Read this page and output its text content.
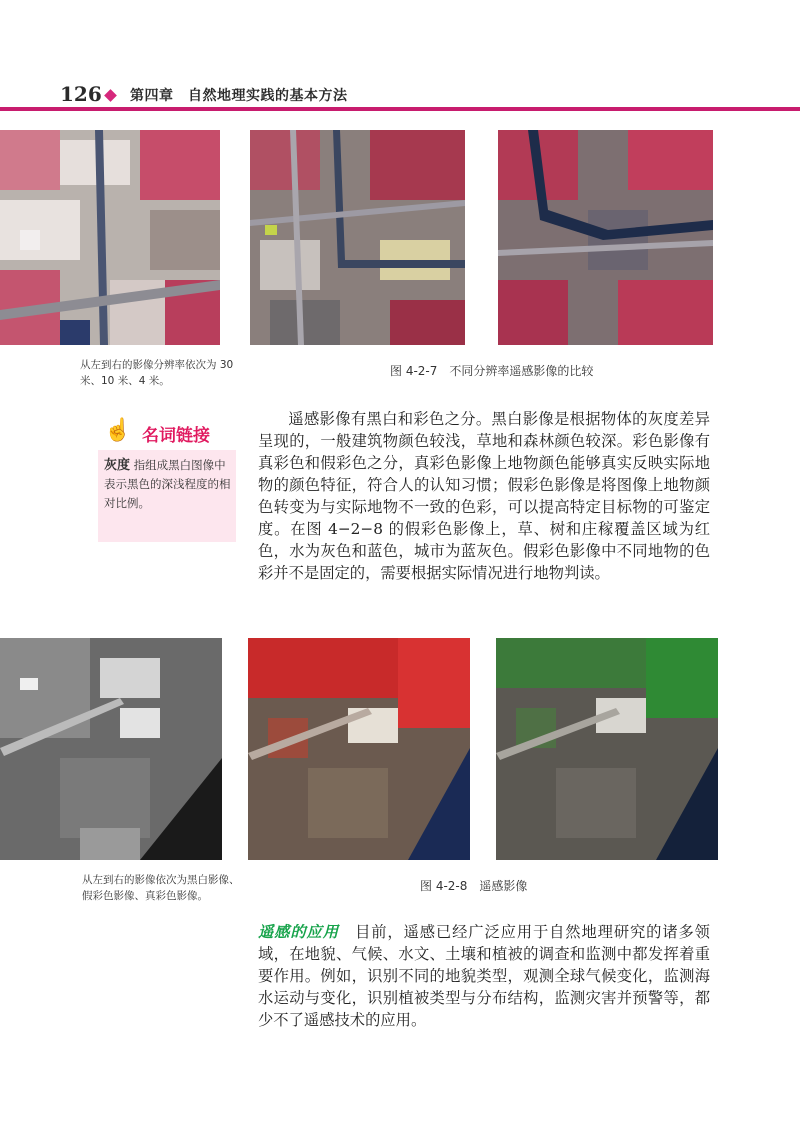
126 第四章　自然地理实践的基本方法
从左到右的影像分辨率依次为 30 米、10 米、4 米。
图 4-2-7 不同分辨率遥感影像的比较
☝ 名词链接
灰度 指组成黑白图像中表示黑色的深浅程度的相对比例。
遥感影像有黑白和彩色之分。黑白影像是根据物体的灰度差异呈现的，一般建筑物颜色较浅，草地和森林颜色较深。彩色影像有真彩色和假彩色之分，真彩色影像上地物颜色能够真实反映实际地物的颜色特征，符合人的认知习惯；假彩色影像是将图像上地物颜色转变为与实际地物不一致的色彩，可以提高特定目标物的可鉴定度。在图 4−2−8 的假彩色影像上，草、树和庄稼覆盖区域为红色，水为灰色和蓝色，城市为蓝灰色。假彩色影像中不同地物的色彩并不是固定的，需要根据实际情况进行地物判读。
从左到右的影像依次为黑白影像、假彩色影像、真彩色影像。
图 4-2-8 遥感影像
遥感的应用　 目前，遥感已经广泛应用于自然地理研究的诸多领域，在地貌、气候、水文、土壤和植被的调查和监测中都发挥着重要作用。例如，识别不同的地貌类型，观测全球气候变化，监测海水运动与变化，识别植被类型与分布结构，监测灾害并预警等，都少不了遥感技术的应用。
